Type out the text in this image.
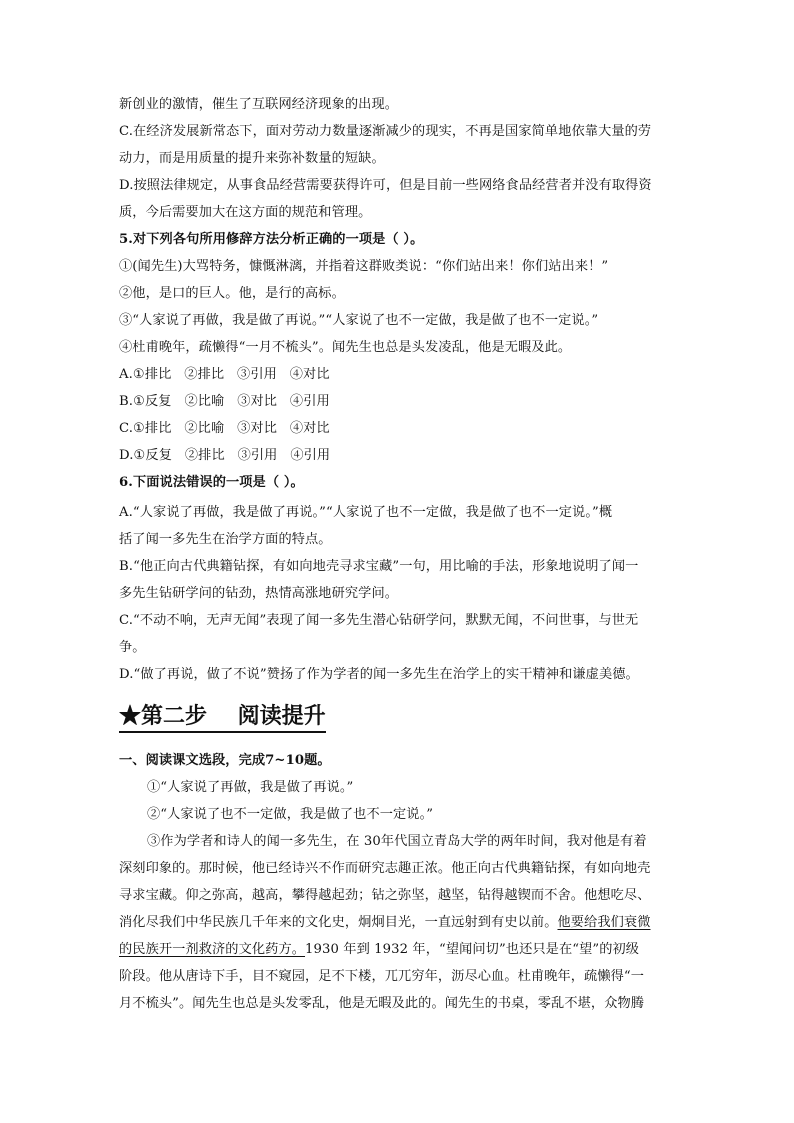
新创业的激情，催生了互联网经济现象的出现。
C.在经济发展新常态下，面对劳动力数量逐渐减少的现实，不再是国家简单地依靠大量的劳
动力，而是用质量的提升来弥补数量的短缺。
D.按照法律规定，从事食品经营需要获得许可，但是目前一些网络食品经营者并没有取得资
质，今后需要加大在这方面的规范和管理。
5.对下列各句所用修辞方法分析正确的一项是（ ）。
①(闻先生)大骂特务，慷慨淋漓，并指着这群败类说：“你们站出来！你们站出来！”
②他，是口的巨人。他，是行的高标。
③“人家说了再做，我是做了再说。”“人家说了也不一定做，我是做了也不一定说。”
④杜甫晚年，疏懒得“一月不梳头”。闻先生也总是头发凌乱，他是无暇及此。
A.①排比   ②排比   ③引用   ④对比
B.①反复   ②比喻   ③对比   ④引用
C.①排比   ②比喻   ③对比   ④对比
D.①反复   ②排比   ③引用   ④引用
6.下面说法错误的一项是（ ）。
A.“人家说了再做，我是做了再说。”“人家说了也不一定做，我是做了也不一定说。”概
括了闻一多先生在治学方面的特点。
B.“他正向古代典籍钻探，有如向地壳寻求宝藏”一句，用比喻的手法，形象地说明了闻一
多先生钻研学问的钻劲，热情高涨地研究学问。
C.“不动不响，无声无闻”表现了闻一多先生潜心钻研学问，默默无闻，不问世事，与世无
争。
D.“做了再说，做了不说”赞扬了作为学者的闻一多先生在治学上的实干精神和谦虚美德。
★第二步    阅读提升
一、阅读课文选段，完成7~10题。
①“人家说了再做，我是做了再说。”
②“人家说了也不一定做，我是做了也不一定说。”
③作为学者和诗人的闻一多先生，在 30年代国立青岛大学的两年时间，我对他是有着
深刻印象的。那时候，他已经诗兴不作而研究志趣正浓。他正向古代典籍钻探，有如向地壳
寻求宝藏。仰之弥高，越高，攀得越起劲；钻之弥坚，越坚，钻得越锲而不舍。他想吃尽、
消化尽我们中华民族几千年来的文化史，炯炯目光，一直远射到有史以前。他要给我们衰微
的民族开一剂救济的文化药方。1930 年到 1932 年，“望闻问切”也还只是在“望”的初级
阶段。他从唐诗下手，目不窥园，足不下楼，兀兀穷年，沥尽心血。杜甫晚年，疏懒得“一
月不梳头”。闻先生也总是头发零乱，他是无暇及此的。闻先生的书桌，零乱不堪，众物腾
